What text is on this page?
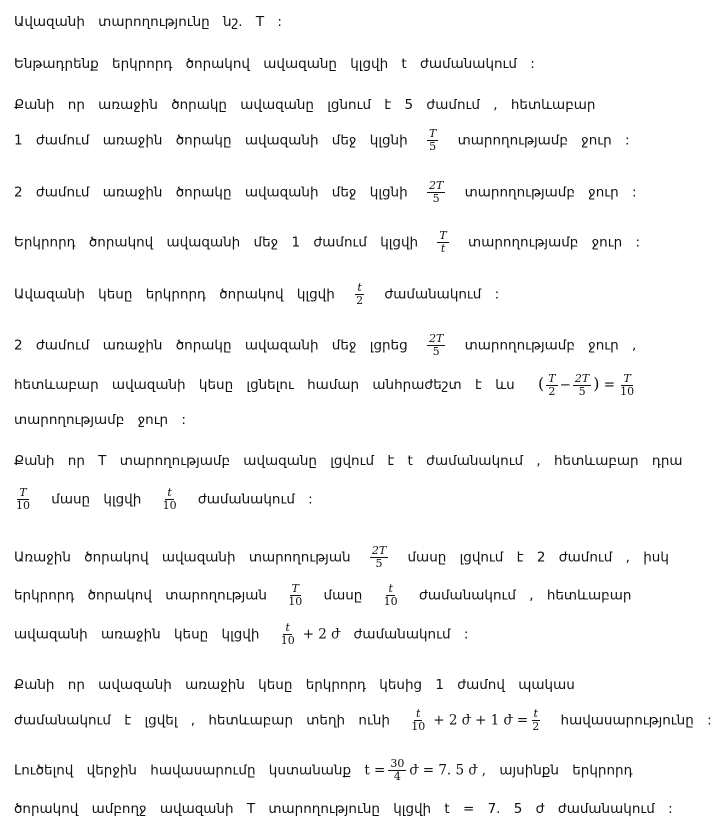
Ավազանի տարողությունը նշ. T :
Ենթադրենք երկրորդ ծորակով ավազանը կլցվի t ժամանակում :
Քանի որ առաջին ծորակը ավազանը լցնում է 5 ժամում , հետևաբար
1 ժամում առաջին ծորակը ավազանի մեջ կլցնի $\frac{T}{5}$ տարողությամբ ջուր :
2 ժամում առաջին ծորակը ավազանի մեջ կլցնի $\frac{2T}{5}$ տարողությամբ ջուր :
Երկրորդ ծորակով ավազանի մեջ 1 ժամում կլցվի $\frac{T}{t}$ տարողությամբ ջուր :
Ավազանի կեսը երկրորդ ծորակով կլցվի $\frac{t}{2}$ ժամանակում :
2 ժամում առաջին ծորակը ավազանի մեջ լցրեց $\frac{2T}{5}$ տարողությամբ ջուր ,
հետևաբար ավազանի կեսը լցնելու համար անհրաժեշտ է ևս ( $\frac{T}{2} - \frac{2T}{5}$ ) = $\frac{T}{10}$
տարողությամբ ջուր :
Քանի որ T տարողությամբ ավազանը լցվում է t ժամանակում , հետևաբար դրա
$\frac{T}{10}$ մասը կլցվի $\frac{t}{10}$ ժամանակում :
Առաջին ծորակով ավազանի տարողության $\frac{2T}{5}$ մասը լցվում է 2 ժամում , իսկ
երկրորդ ծորակով տարողության $\frac{T}{10}$ մասը $\frac{t}{10}$ ժամանակում , հետևաբար
ավազանի առաջին կեսը կլցվի $\frac{t}{10} + 2$ ժ ժամանակում :
Քանի որ ավազանի առաջին կեսը երկրորդ կեսից 1 ժամով պակաս
ժամանակում է լցվել , հետևաբար տեղի ունի $\frac{t}{10} + 2$ ժ + 1 ժ = $\frac{t}{2}$ հավասարությունը :
Լուծելով վերջին հավասարումը կստանանք $t = \frac{30}{4}$ ժ = 7. 5 ժ , այսինքն երկրորդ
ծորակով ամբողջ ավազանի T տարողությունը կլցվի t = 7. 5 ժ ժամանակում :
